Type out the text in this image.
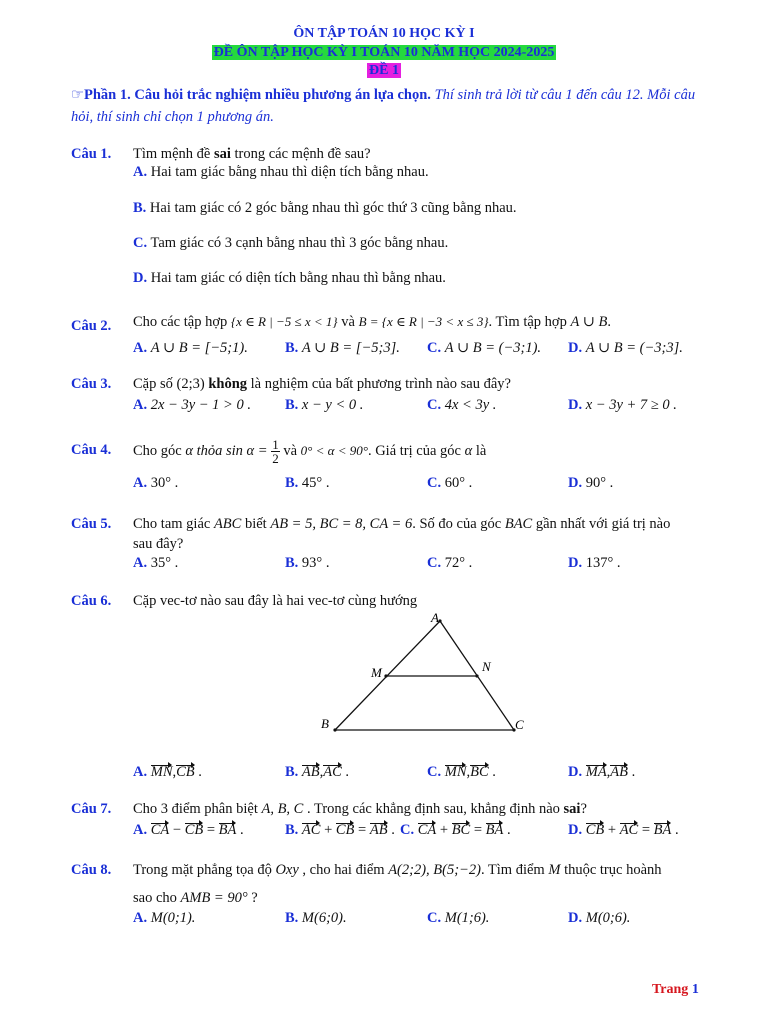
ÔN TẬP TOÁN 10 HỌC KỲ I
ĐỀ ÔN TẬP HỌC KỲ I TOÁN 10 NĂM HỌC 2024-2025
ĐỀ 1
☞Phần 1. Câu hỏi trắc nghiệm nhiều phương án lựa chọn. Thí sinh trả lời từ câu 1 đến câu 12. Mỗi câu
hỏi, thí sinh chỉ chọn 1 phương án.
Câu 1. Tìm mệnh đề sai trong các mệnh đề sau?
A. Hai tam giác bằng nhau thì diện tích bằng nhau.
B. Hai tam giác có 2 góc bằng nhau thì góc thứ 3 cũng bằng nhau.
C. Tam giác có 3 cạnh bằng nhau thì 3 góc bằng nhau.
D. Hai tam giác có diện tích bằng nhau thì bằng nhau.
Câu 2. Cho các tập hợp {x ∈ R | −5 ≤ x < 1} và B = {x ∈ R | −3 < x ≤ 3}. Tìm tập hợp A ∪ B.
A. A ∪ B = [−5;1).	B. A ∪ B = [−5;3]. C. A ∪ B = (−3;1). D. A ∪ B = (−3;3].
Câu 3. Cặp số (2;3) không là nghiệm của bất phương trình nào sau đây?
A. 2x − 3y − 1 > 0 . B. x − y < 0 .	C. 4x < 3y .	D. x − 3y + 7 ≥ 0 .
Câu 4. Cho góc α thỏa $\sin \alpha = \frac{1}{2}$ và 0° < α < 90°. Giá trị của góc α là
A. 30° .	B. 45° .	C. 60° .	D. 90° .
Câu 5. Cho tam giác ABC biết AB = 5, BC = 8, CA = 6. Số đo của góc BAC gần nhất với giá trị nào
sau đây?
A. 35° .	B. 93° .	C. 72° .	D. 137° .
Câu 6. Cặp vec-tơ nào sau đây là hai vec-tơ cùng hướng
A
B	C
M	N
A. MN,CB .	B. AB,AC .	C. MN,BC .	D. MA,AB .
Câu 7. Cho 3 điểm phân biệt A, B, C . Trong các khẳng định sau, khẳng định nào sai?
A. CA − CB = BA .	B. AC + CB = AB . C. CA + BC = BA .	D. CB + AC = BA .
Câu 8. Trong mặt phẳng tọa độ Oxy , cho hai điểm A(2;2), B(5;−2). Tìm điểm M thuộc trục hoành
sao cho AMB = 90° ?
A. M(0;1).	B. M(6;0).	C. M(1;6).	D. M(0;6).
Trang 1
